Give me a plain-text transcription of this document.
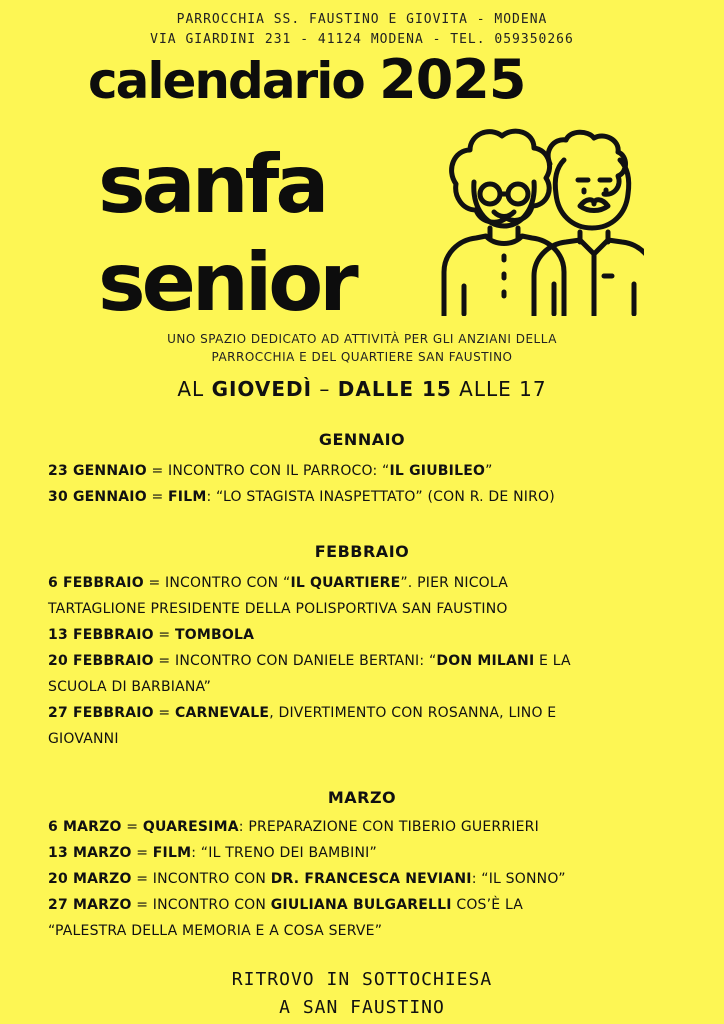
PARROCCHIA SS. FAUSTINO E GIOVITA - MODENA
VIA GIARDINI 231 - 41124 MODENA - TEL. 059350266
calendario 2025
sanfa
senior
UNO SPAZIO DEDICATO AD ATTIVITÀ PER GLI ANZIANI DELLA
PARROCCHIA E DEL QUARTIERE SAN FAUSTINO
AL GIOVEDÌ – DALLE 15 ALLE 17
GENNAIO

23 GENNAIO = INCONTRO CON IL PARROCO: “IL GIUBILEO”

30 GENNAIO = FILM: “LO STAGISTA INASPETTATO” (CON R. DE NIRO)

FEBBRAIO

6 FEBBRAIO = INCONTRO CON “IL QUARTIERE”. PIER NICOLA
TARTAGLIONE PRESIDENTE DELLA POLISPORTIVA SAN FAUSTINO

13 FEBBRAIO = TOMBOLA

20 FEBBRAIO = INCONTRO CON DANIELE BERTANI: “DON MILANI E LA
SCUOLA DI BARBIANA”

27 FEBBRAIO = CARNEVALE, DIVERTIMENTO CON ROSANNA, LINO E
GIOVANNI

MARZO

6 MARZO = QUARESIMA: PREPARAZIONE CON TIBERIO GUERRIERI

13 MARZO = FILM: “IL TRENO DEI BAMBINI”

20 MARZO = INCONTRO CON DR. FRANCESCA NEVIANI: “IL SONNO”

27 MARZO = INCONTRO CON GIULIANA BULGARELLI COS’È LA
“PALESTRA DELLA MEMORIA E A COSA SERVE”

RITROVO IN SOTTOCHIESA
A SAN FAUSTINO
